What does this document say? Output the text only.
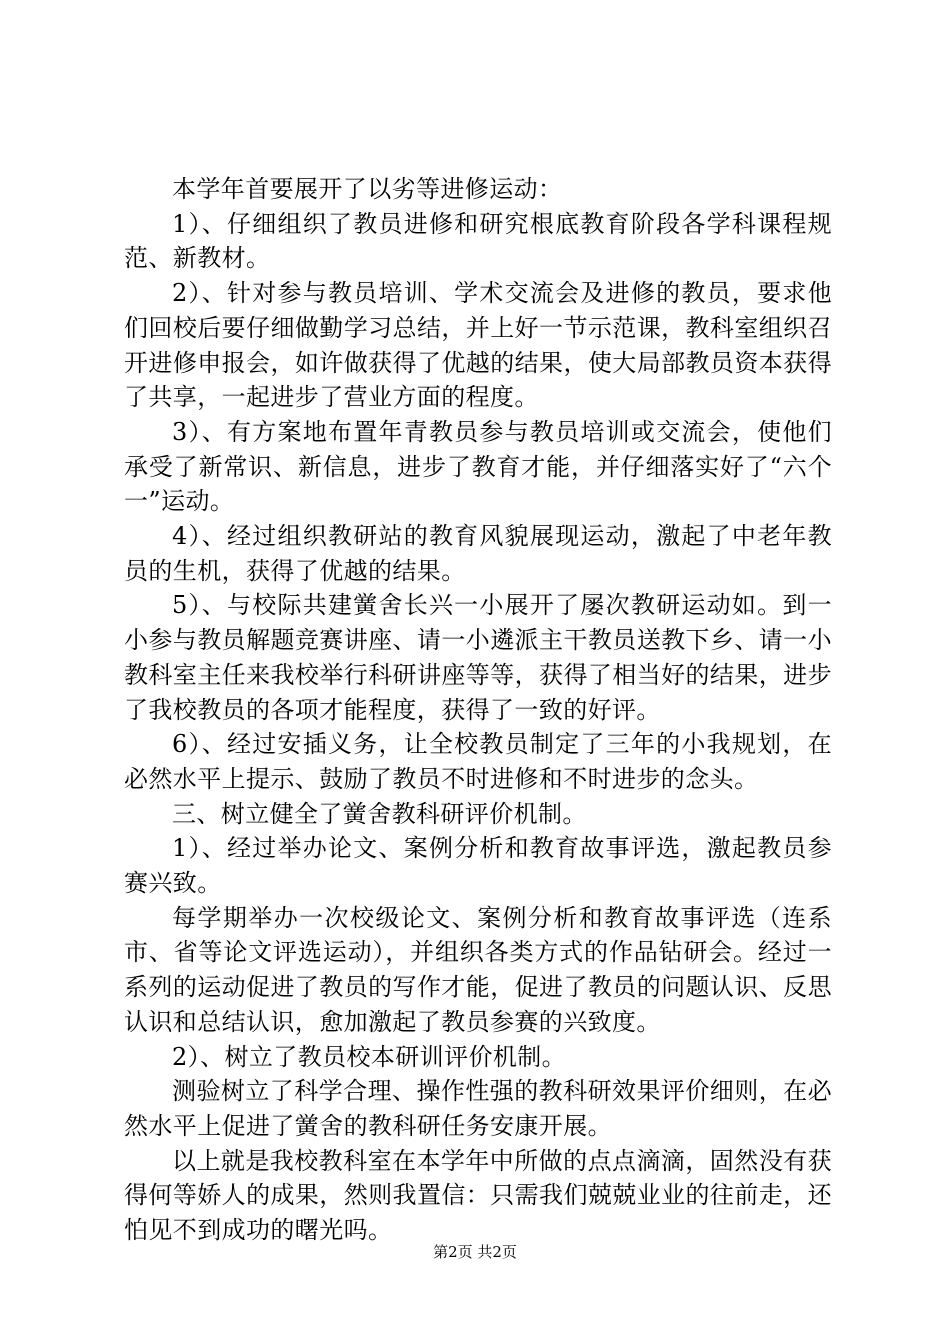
本学年首要展开了以劣等进修运动：

1）、仔细组织了教员进修和研究根底教育阶段各学科课程规范、新教材。

2）、针对参与教员培训、学术交流会及进修的教员，要求他们回校后要仔细做勤学习总结，并上好一节示范课，教科室组织召开进修申报会，如许做获得了优越的结果，使大局部教员资本获得了共享，一起进步了营业方面的程度。

3）、有方案地布置年青教员参与教员培训或交流会，使他们承受了新常识、新信息，进步了教育才能，并仔细落实好了“六个一”运动。

4）、经过组织教研站的教育风貌展现运动，激起了中老年教员的生机，获得了优越的结果。

5）、与校际共建黉舍长兴一小展开了屡次教研运动如。到一小参与教员解题竞赛讲座、请一小遴派主干教员送教下乡、请一小教科室主任来我校举行科研讲座等等，获得了相当好的结果，进步了我校教员的各项才能程度，获得了一致的好评。

6）、经过安插义务，让全校教员制定了三年的小我规划，在必然水平上提示、鼓励了教员不时进修和不时进步的念头。

三、树立健全了黉舍教科研评价机制。

1）、经过举办论文、案例分析和教育故事评选，激起教员参赛兴致。

每学期举办一次校级论文、案例分析和教育故事评选（连系市、省等论文评选运动），并组织各类方式的作品钻研会。经过一系列的运动促进了教员的写作才能，促进了教员的问题认识、反思认识和总结认识，愈加激起了教员参赛的兴致度。

2）、树立了教员校本研训评价机制。

测验树立了科学合理、操作性强的教科研效果评价细则，在必然水平上促进了黉舍的教科研任务安康开展。

以上就是我校教科室在本学年中所做的点点滴滴，固然没有获得何等娇人的成果，然则我置信：只需我们兢兢业业的往前走，还怕见不到成功的曙光吗。

第2页 共2页
